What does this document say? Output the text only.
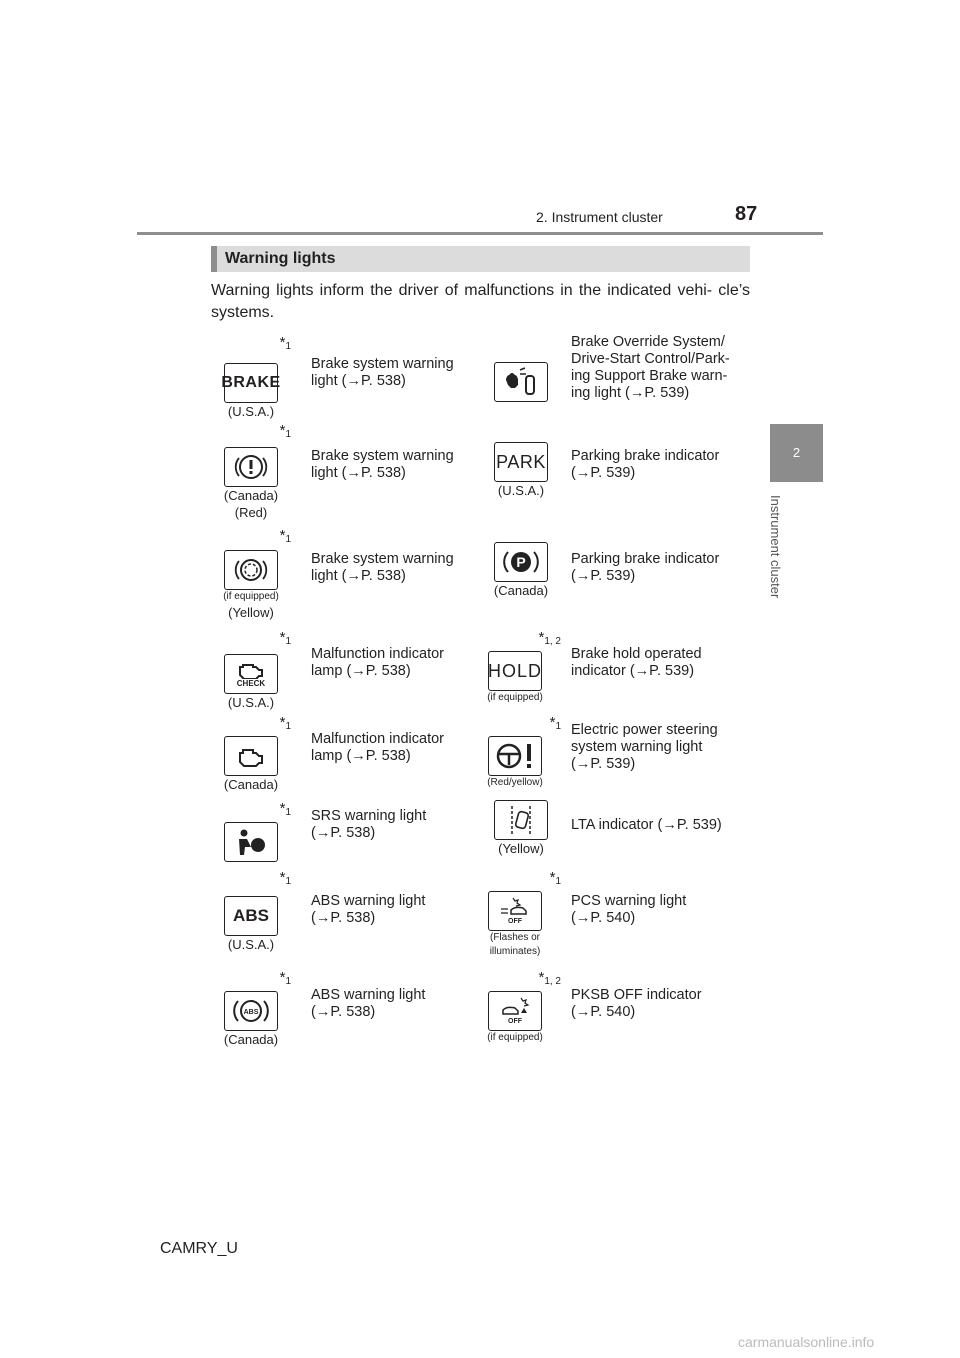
2. Instrument cluster	87
2
Instrument cluster
Warning lights
Warning lights inform the driver of malfunctions in the indicated vehi- cle’s systems.
$*_1$
BRAKE
(U.S.A.)
Brake system warning
light (→P. 538)
Brake Override System/
Drive-Start Control/Park-
ing Support Brake warn-
ing light (→P. 539)
$*_1$
(Canada)
(Red)
Brake system warning
light (→P. 538)
PARK
(U.S.A.)
Parking brake indicator
(→P. 539)
$*_1$
(if equipped)
(Yellow)
Brake system warning
light (→P. 538)
P
(Canada)
Parking brake indicator
(→P. 539)
$*_1$
CHECK
(U.S.A.)
Malfunction indicator
lamp (→P. 538)
$*_{1, 2}$
HOLD
(if equipped)
Brake hold operated
indicator (→P. 539)
$*_1$
(Canada)
Malfunction indicator
lamp (→P. 538)
$*_1$
(Red/yellow)
Electric power steering
system warning light
(→P. 539)
$*_1$ SRS warning light
(→P. 538)
(Yellow)
LTA indicator (→P. 539)
$*_1$
ABS
(U.S.A.)
ABS warning light
(→P. 538)
$*_1$
OFF
(Flashes or
illuminates)
PCS warning light
(→P. 540)
$*_1$
ABS
(Canada)
ABS warning light
(→P. 538)
$*_{1, 2}$
OFF
(if equipped)
PKSB OFF indicator
(→P. 540)
CAMRY_U
carmanualsonline.info
